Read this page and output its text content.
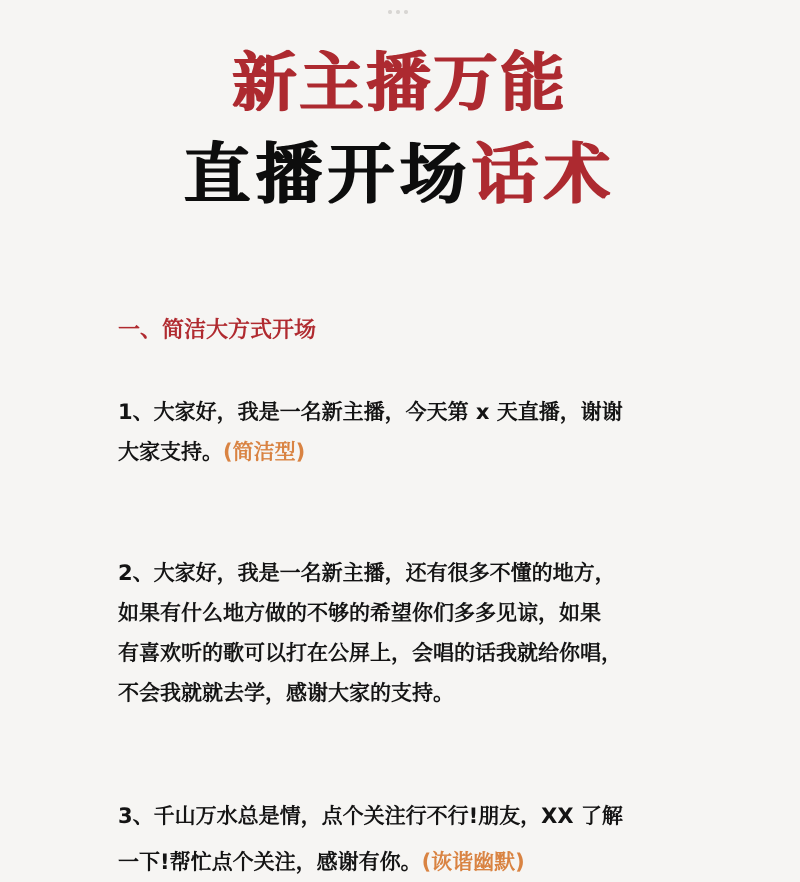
新主播万能
直播开场话术
一、简洁大方式开场
1、大家好，我是一名新主播，今天第 x 天直播，谢谢
大家支持。(简洁型)
2、大家好，我是一名新主播，还有很多不懂的地方，
如果有什么地方做的不够的希望你们多多见谅，如果
有喜欢听的歌可以打在公屏上，会唱的话我就给你唱，
不会我就就去学，感谢大家的支持。
3、千山万水总是情，点个关注行不行!朋友，XX 了解
一下!帮忙点个关注，感谢有你。(诙谐幽默)
